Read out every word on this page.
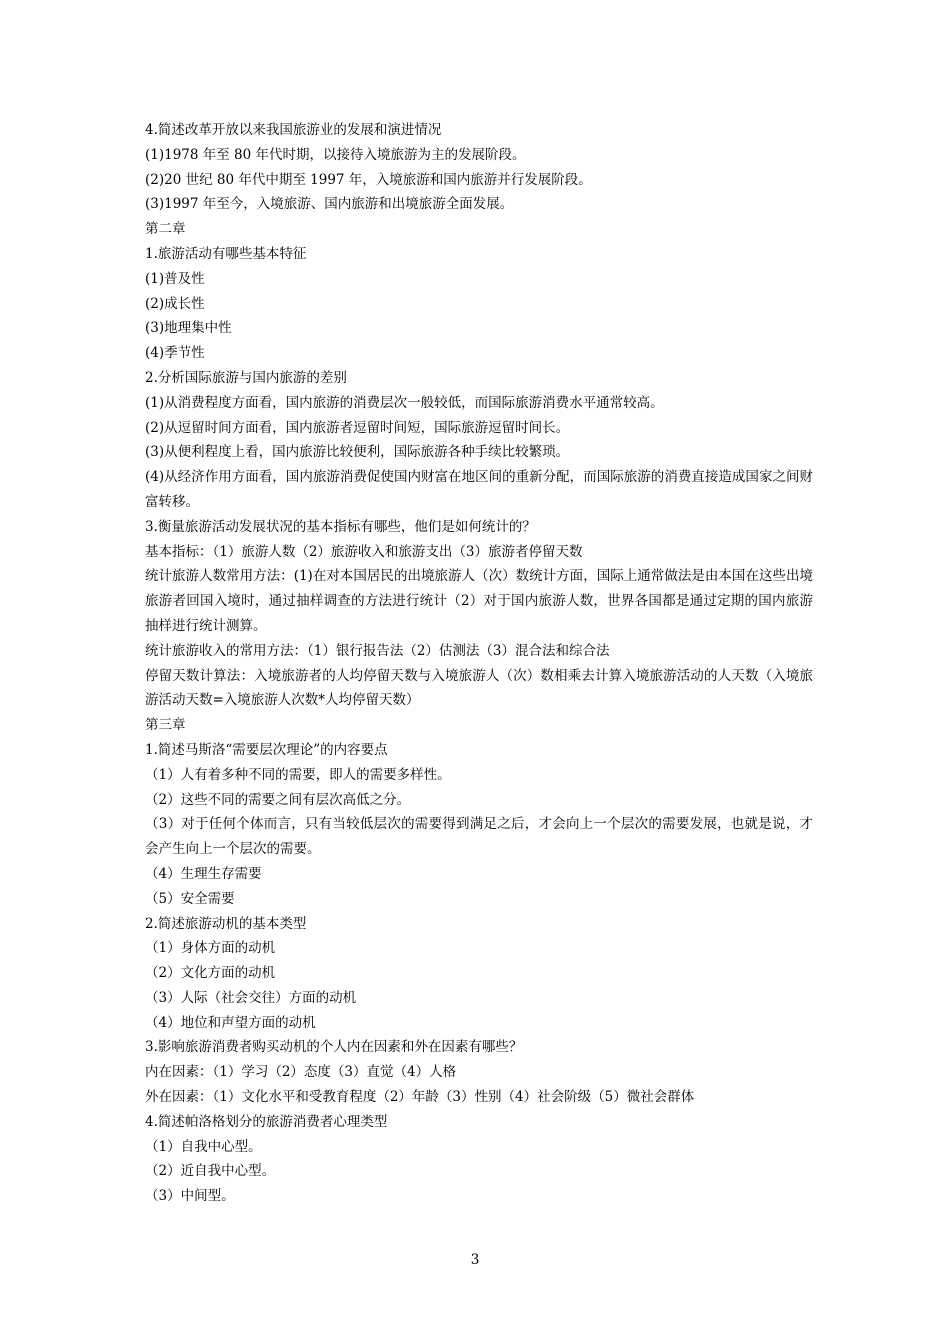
4.简述改革开放以来我国旅游业的发展和演进情况
(1)1978 年至 80 年代时期，以接待入境旅游为主的发展阶段。
(2)20 世纪 80 年代中期至 1997 年，入境旅游和国内旅游并行发展阶段。
(3)1997 年至今，入境旅游、国内旅游和出境旅游全面发展。
第二章
1.旅游活动有哪些基本特征
(1)普及性
(2)成长性
(3)地理集中性
(4)季节性
2.分析国际旅游与国内旅游的差别
(1)从消费程度方面看，国内旅游的消费层次一般较低，而国际旅游消费水平通常较高。
(2)从逗留时间方面看，国内旅游者逗留时间短，国际旅游逗留时间长。
(3)从便利程度上看，国内旅游比较便利，国际旅游各种手续比较繁琐。
(4)从经济作用方面看，国内旅游消费促使国内财富在地区间的重新分配，而国际旅游的消费直接造成国家之间财富转移。
3.衡量旅游活动发展状况的基本指标有哪些，他们是如何统计的？
基本指标：（1）旅游人数（2）旅游收入和旅游支出（3）旅游者停留天数
统计旅游人数常用方法：(1)在对本国居民的出境旅游人（次）数统计方面，国际上通常做法是由本国在这些出境旅游者回国入境时，通过抽样调查的方法进行统计（2）对于国内旅游人数，世界各国都是通过定期的国内旅游抽样进行统计测算。
统计旅游收入的常用方法：（1）银行报告法（2）估测法（3）混合法和综合法
停留天数计算法：入境旅游者的人均停留天数与入境旅游人（次）数相乘去计算入境旅游活动的人天数（入境旅游活动天数=入境旅游人次数*人均停留天数）
第三章
1.简述马斯洛“需要层次理论”的内容要点
（1）人有着多种不同的需要，即人的需要多样性。
（2）这些不同的需要之间有层次高低之分。
（3）对于任何个体而言，只有当较低层次的需要得到满足之后，才会向上一个层次的需要发展，也就是说，才会产生向上一个层次的需要。
（4）生理生存需要
（5）安全需要
2.简述旅游动机的基本类型
（1）身体方面的动机
（2）文化方面的动机
（3）人际（社会交往）方面的动机
（4）地位和声望方面的动机
3.影响旅游消费者购买动机的个人内在因素和外在因素有哪些？
内在因素：（1）学习（2）态度（3）直觉（4）人格
外在因素：（1）文化水平和受教育程度（2）年龄（3）性别（4）社会阶级（5）微社会群体
4.简述帕洛格划分的旅游消费者心理类型
（1）自我中心型。
（2）近自我中心型。
（3）中间型。
3
